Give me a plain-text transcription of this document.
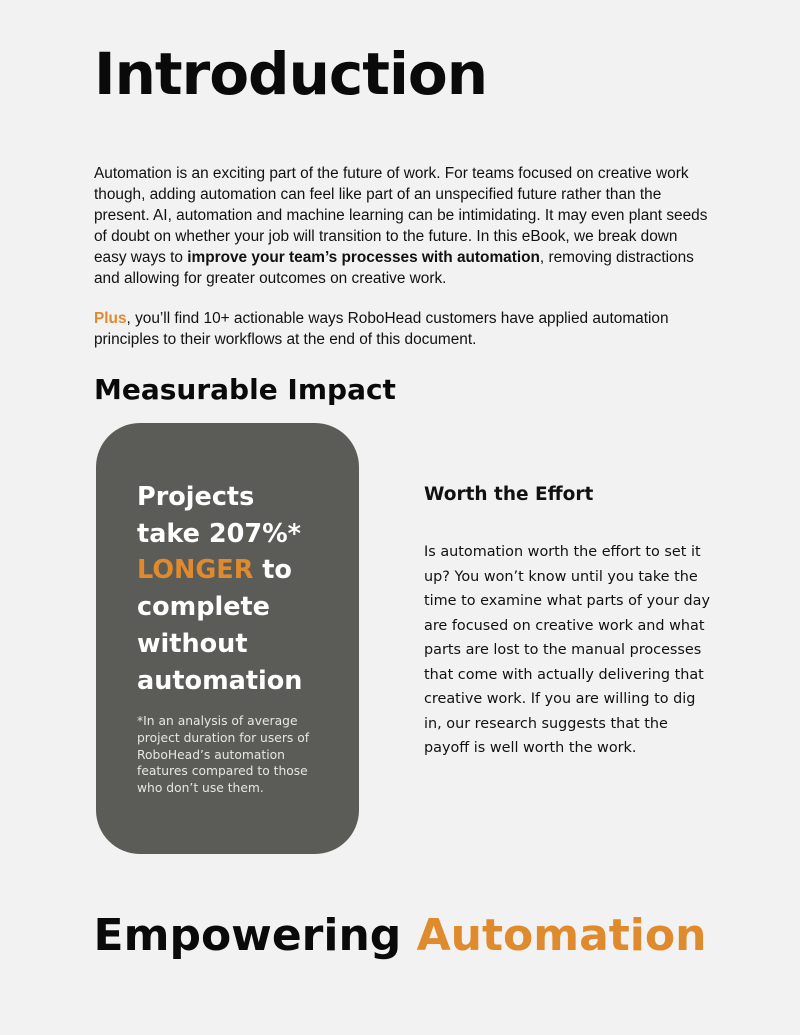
Introduction

Automation is an exciting part of the future of work. For teams focused on creative work though, adding automation can feel like part of an unspecified future rather than the present. AI, automation and machine learning can be intimidating. It may even plant seeds of doubt on whether your job will transition to the future. In this eBook, we break down easy ways to improve your team’s processes with automation, removing distractions and allowing for greater outcomes on creative work.

Plus, you’ll find 10+ actionable ways RoboHead customers have applied automation principles to their workflows at the end of this document.

Measurable Impact

Projects
take 207%*
LONGER to
complete
without
automation

*In an analysis of average project duration for users of RoboHead’s automation features compared to those who don’t use them.

Worth the Effort

Is automation worth the effort to set it up? You won’t know until you take the time to examine what parts of your day are focused on creative work and what parts are lost to the manual processes that come with actually delivering that creative work. If you are willing to dig in, our research suggests that the payoff is well worth the work.

Empowering Automation
